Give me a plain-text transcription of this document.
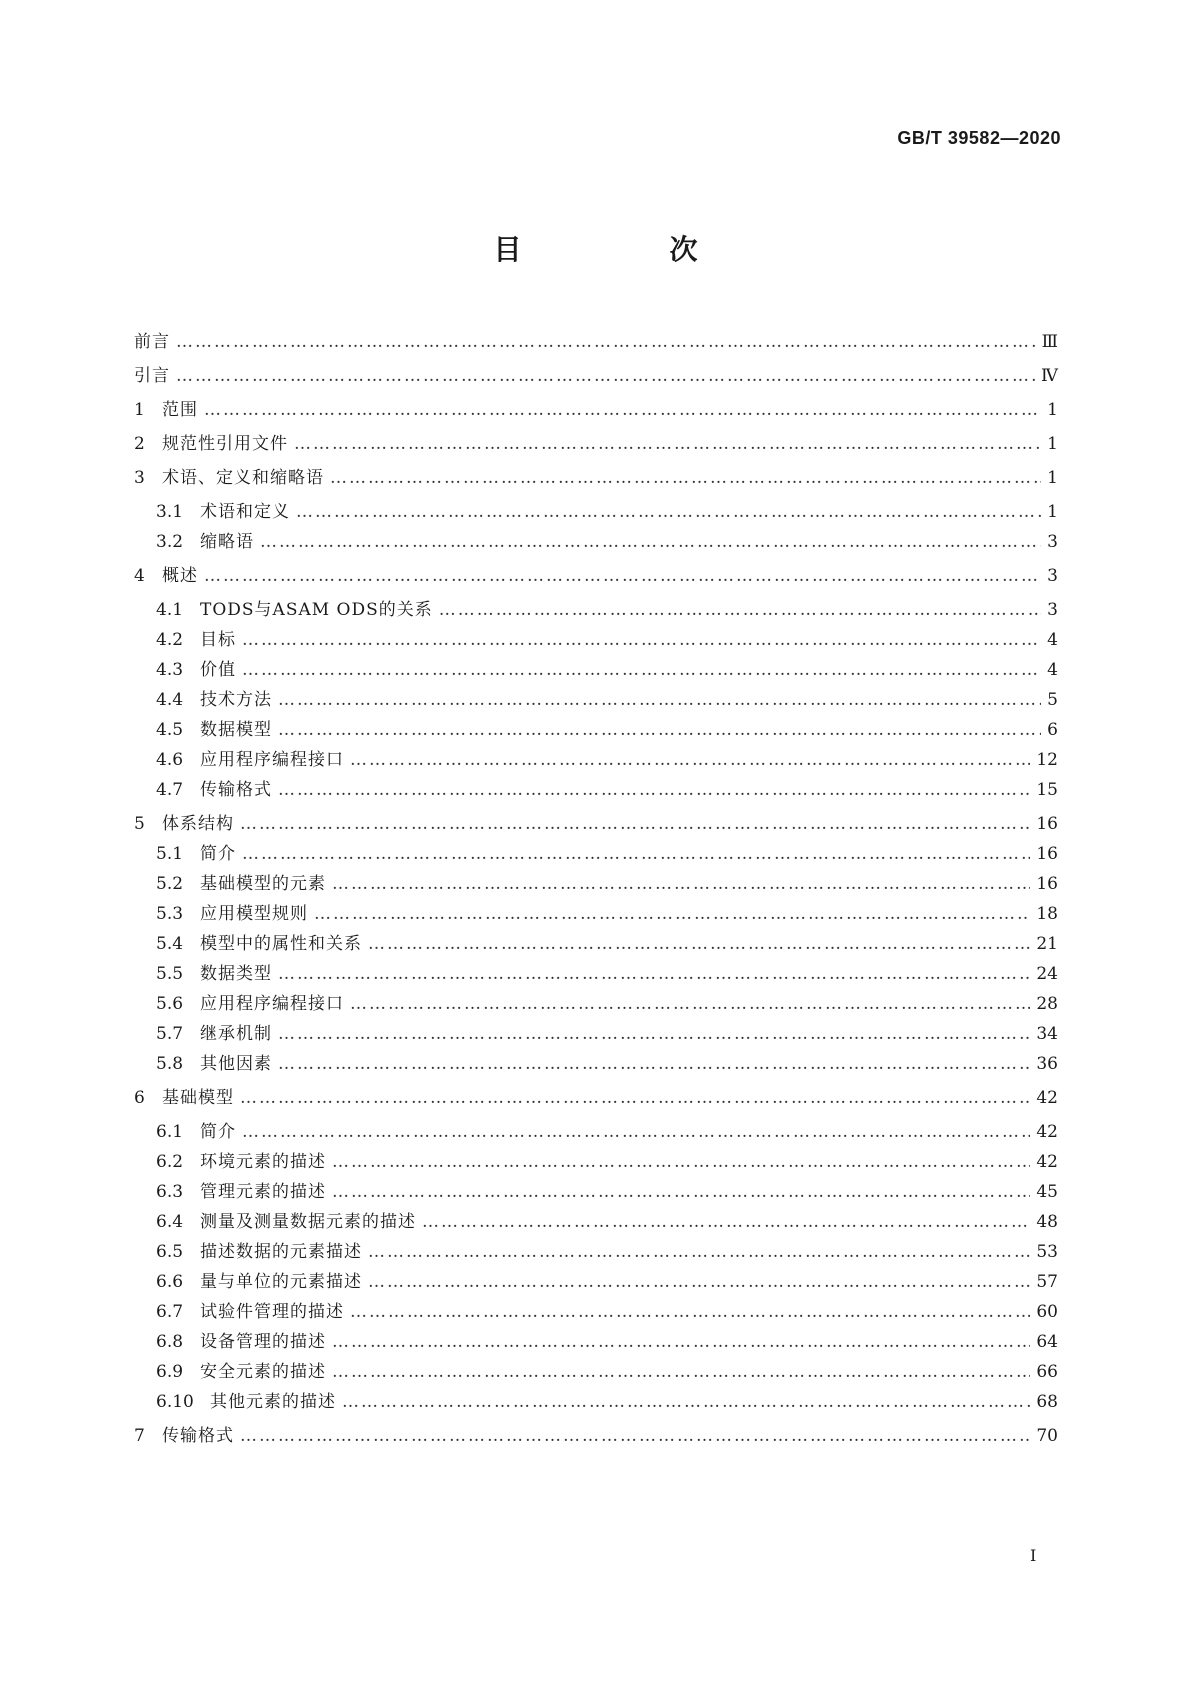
GB/T 39582—2020
目　次
前言 ……………………………………………………………………………………………………………………………………………………………………………………………………………………………………………………	Ⅲ
引言 ……………………………………………………………………………………………………………………………………………………………………………………………………………………………………………………	Ⅳ
1	范围 ……………………………………………………………………………………………………………………………………………………………………………………………………………………………………………………	1
2	规范性引用文件 ……………………………………………………………………………………………………………………………………………………………………………………………………………………………………………………	1
3	术语、定义和缩略语 ……………………………………………………………………………………………………………………………………………………………………………………………………………………………………………………	1
3.1 术语和定义 ……………………………………………………………………………………………………………………………………………………………………………………………………………………………………………………	1
3.2 缩略语 ……………………………………………………………………………………………………………………………………………………………………………………………………………………………………………………	3
4	概述 ……………………………………………………………………………………………………………………………………………………………………………………………………………………………………………………	3
4.1 TODS与ASAM ODS的关系 ……………………………………………………………………………………………………………………………………………………………………………………………………………………………………………………	3
4.2 目标 ……………………………………………………………………………………………………………………………………………………………………………………………………………………………………………………	4
4.3 价值 ……………………………………………………………………………………………………………………………………………………………………………………………………………………………………………………	4
4.4 技术方法 ……………………………………………………………………………………………………………………………………………………………………………………………………………………………………………………	5
4.5 数据模型 ……………………………………………………………………………………………………………………………………………………………………………………………………………………………………………………	6
4.6 应用程序编程接口 ……………………………………………………………………………………………………………………………………………………………………………………………………………………………………………………	12
4.7 传输格式 ……………………………………………………………………………………………………………………………………………………………………………………………………………………………………………………	15
5	体系结构 ……………………………………………………………………………………………………………………………………………………………………………………………………………………………………………………	16
5.1 简介 ……………………………………………………………………………………………………………………………………………………………………………………………………………………………………………………	16
5.2 基础模型的元素 ……………………………………………………………………………………………………………………………………………………………………………………………………………………………………………………	16
5.3 应用模型规则 ……………………………………………………………………………………………………………………………………………………………………………………………………………………………………………………	18
5.4 模型中的属性和关系 ……………………………………………………………………………………………………………………………………………………………………………………………………………………………………………………	21
5.5 数据类型 ……………………………………………………………………………………………………………………………………………………………………………………………………………………………………………………	24
5.6 应用程序编程接口 ……………………………………………………………………………………………………………………………………………………………………………………………………………………………………………………	28
5.7 继承机制 ……………………………………………………………………………………………………………………………………………………………………………………………………………………………………………………	34
5.8 其他因素 ……………………………………………………………………………………………………………………………………………………………………………………………………………………………………………………	36
6	基础模型 ……………………………………………………………………………………………………………………………………………………………………………………………………………………………………………………	42
6.1 简介 ……………………………………………………………………………………………………………………………………………………………………………………………………………………………………………………	42
6.2 环境元素的描述 ……………………………………………………………………………………………………………………………………………………………………………………………………………………………………………………	42
6.3 管理元素的描述 ……………………………………………………………………………………………………………………………………………………………………………………………………………………………………………………	45
6.4 测量及测量数据元素的描述 ……………………………………………………………………………………………………………………………………………………………………………………………………………………………………………………	48
6.5 描述数据的元素描述 ……………………………………………………………………………………………………………………………………………………………………………………………………………………………………………………	53
6.6 量与单位的元素描述 ……………………………………………………………………………………………………………………………………………………………………………………………………………………………………………………	57
6.7 试验件管理的描述 ……………………………………………………………………………………………………………………………………………………………………………………………………………………………………………………	60
6.8 设备管理的描述 ……………………………………………………………………………………………………………………………………………………………………………………………………………………………………………………	64
6.9 安全元素的描述 ……………………………………………………………………………………………………………………………………………………………………………………………………………………………………………………	66
6.10 其他元素的描述 ……………………………………………………………………………………………………………………………………………………………………………………………………………………………………………………	68
7	传输格式 ……………………………………………………………………………………………………………………………………………………………………………………………………………………………………………………	70
I
